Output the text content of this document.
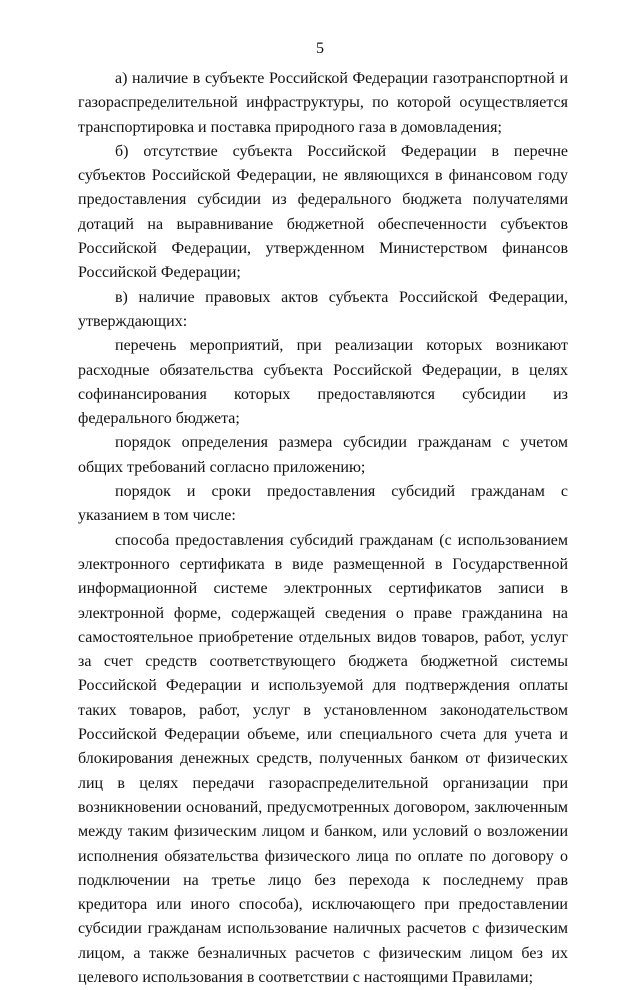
5

а) наличие в субъекте Российской Федерации газотранспортной и газораспределительной инфраструктуры, по которой осуществляется транспортировка и поставка природного газа в домовладения;

б) отсутствие субъекта Российской Федерации в перечне субъектов Российской Федерации, не являющихся в финансовом году предоставления субсидии из федерального бюджета получателями дотаций на выравнивание бюджетной обеспеченности субъектов Российской Федерации, утвержденном Министерством финансов Российской Федерации;

в) наличие правовых актов субъекта Российской Федерации, утверждающих:

перечень мероприятий, при реализации которых возникают расходные обязательства субъекта Российской Федерации, в целях софинансирования которых предоставляются субсидии из федерального бюджета;

порядок определения размера субсидии гражданам с учетом общих требований согласно приложению;

порядок и сроки предоставления субсидий гражданам с указанием в том числе:

способа предоставления субсидий гражданам (с использованием электронного сертификата в виде размещенной в Государственной информационной системе электронных сертификатов записи в электронной форме, содержащей сведения о праве гражданина на самостоятельное приобретение отдельных видов товаров, работ, услуг за счет средств соответствующего бюджета бюджетной системы Российской Федерации и используемой для подтверждения оплаты таких товаров, работ, услуг в установленном законодательством Российской Федерации объеме, или специального счета для учета и блокирования денежных средств, полученных банком от физических лиц в целях передачи газораспределительной организации при возникновении оснований, предусмотренных договором, заключенным между таким физическим лицом и банком, или условий о возложении исполнения обязательства физического лица по оплате по договору о подключении на третье лицо без перехода к последнему прав кредитора или иного способа), исключающего при предоставлении субсидии гражданам использование наличных расчетов с физическим лицом, а также безналичных расчетов с физическим лицом без их целевого использования в соответствии с настоящими Правилами;
